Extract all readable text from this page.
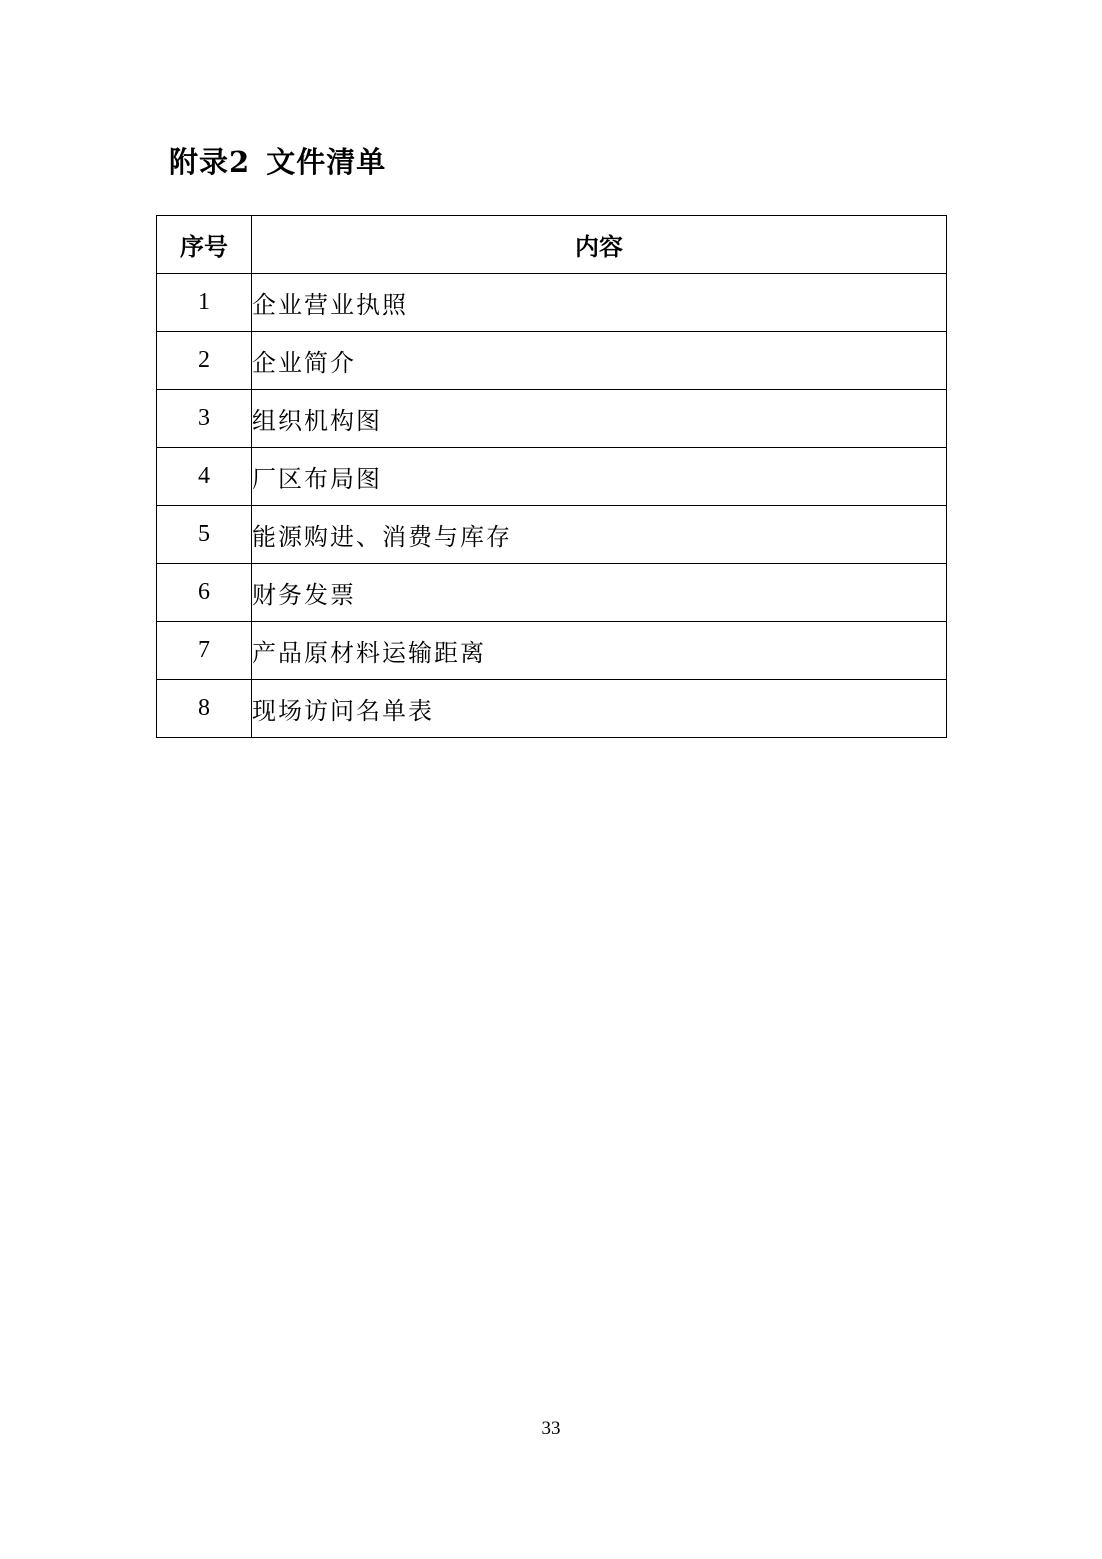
附录2 文件清单
序号	内容
1	企业营业执照
2	企业简介
3	组织机构图
4	厂区布局图
5	能源购进、消费与库存
6	财务发票
7	产品原材料运输距离
8	现场访问名单表
33
